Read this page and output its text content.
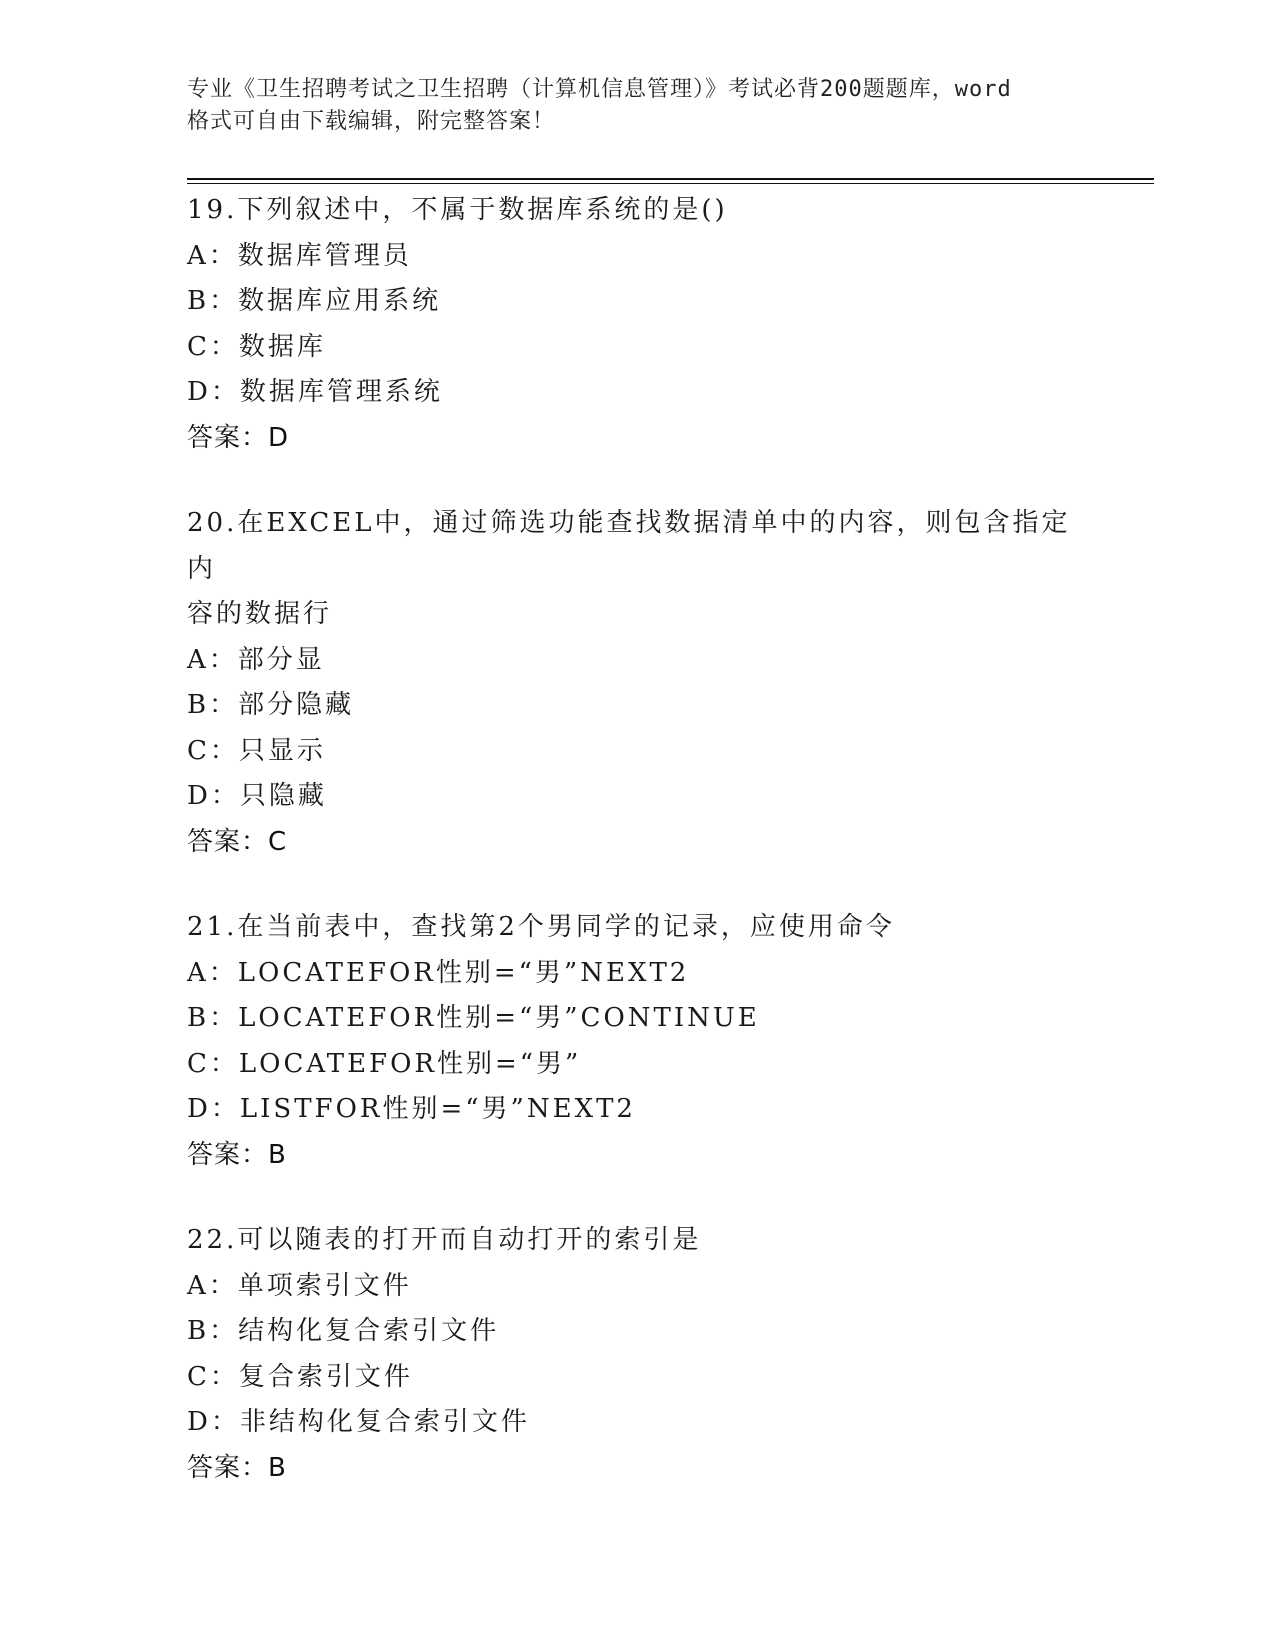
专业《卫生招聘考试之卫生招聘（计算机信息管理）》考试必背200题题库，word
格式可自由下载编辑，附完整答案！
19.下列叙述中，不属于数据库系统的是()
A：数据库管理员
B：数据库应用系统
C：数据库
D：数据库管理系统
答案：D
20.在EXCEL中，通过筛选功能查找数据清单中的内容，则包含指定内
容的数据行
A：部分显
B：部分隐藏
C：只显示
D：只隐藏
答案：C
21.在当前表中，查找第2个男同学的记录，应使用命令
A：LOCATEFOR性别=“男”NEXT2
B：LOCATEFOR性别=“男”CONTINUE
C：LOCATEFOR性别=“男”
D：LISTFOR性别=“男”NEXT2
答案：B
22.可以随表的打开而自动打开的索引是
A：单项索引文件
B：结构化复合索引文件
C：复合索引文件
D：非结构化复合索引文件
答案：B
